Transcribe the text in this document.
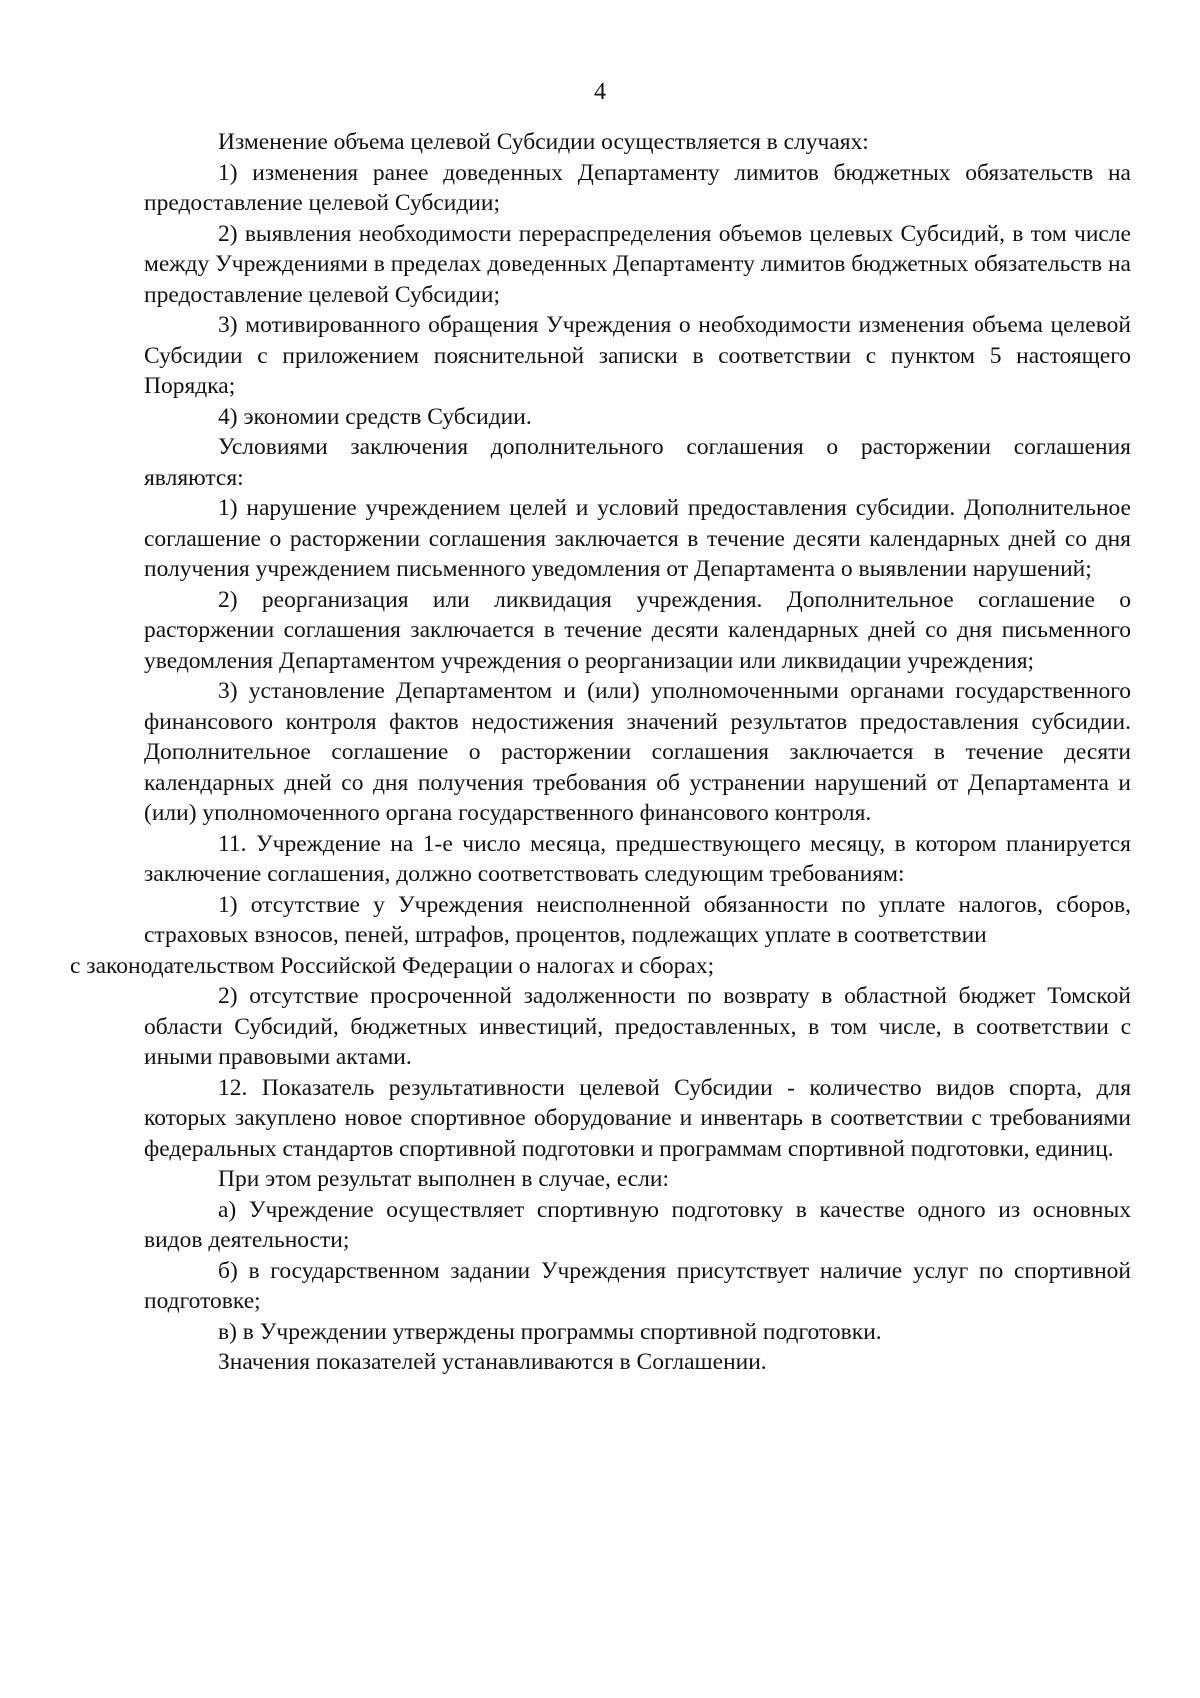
4

Изменение объема целевой Субсидии осуществляется в случаях:

1) изменения ранее доведенных Департаменту лимитов бюджетных обязательств на предоставление целевой Субсидии;

2) выявления необходимости перераспределения объемов целевых Субсидий, в том числе между Учреждениями в пределах доведенных Департаменту лимитов бюджетных обязательств на предоставление целевой Субсидии;

3) мотивированного обращения Учреждения о необходимости изменения объема целевой Субсидии с приложением пояснительной записки в соответствии с пунктом 5 настоящего Порядка;

4) экономии средств Субсидии.

Условиями заключения дополнительного соглашения о расторжении соглашения являются:

1) нарушение учреждением целей и условий предоставления субсидии. Дополнительное соглашение о расторжении соглашения заключается в течение десяти календарных дней со дня получения учреждением письменного уведомления от Департамента о выявлении нарушений;

2) реорганизация или ликвидация учреждения. Дополнительное соглашение о расторжении соглашения заключается в течение десяти календарных дней со дня письменного уведомления Департаментом учреждения о реорганизации или ликвидации учреждения;

3) установление Департаментом и (или) уполномоченными органами государственного финансового контроля фактов недостижения значений результатов предоставления субсидии. Дополнительное соглашение о расторжении соглашения заключается в течение десяти календарных дней со дня получения требования об устранении нарушений от Департамента и (или) уполномоченного органа государственного финансового контроля.

11. Учреждение на 1-е число месяца, предшествующего месяцу, в котором планируется заключение соглашения, должно соответствовать следующим требованиям:

1) отсутствие у Учреждения неисполненной обязанности по уплате налогов, сборов, страховых взносов, пеней, штрафов, процентов, подлежащих уплате в соответствии
с законодательством Российской Федерации о налогах и сборах;

2) отсутствие просроченной задолженности по возврату в областной бюджет Томской области Субсидий, бюджетных инвестиций, предоставленных, в том числе, в соответствии с иными правовыми актами.

12. Показатель результативности целевой Субсидии - количество видов спорта, для которых закуплено новое спортивное оборудование и инвентарь в соответствии с требованиями федеральных стандартов спортивной подготовки и программам спортивной подготовки, единиц.

При этом результат выполнен в случае, если:

а) Учреждение осуществляет спортивную подготовку в качестве одного из основных видов деятельности;

б) в государственном задании Учреждения присутствует наличие услуг по спортивной подготовке;

в) в Учреждении утверждены программы спортивной подготовки.

Значения показателей устанавливаются в Соглашении.
